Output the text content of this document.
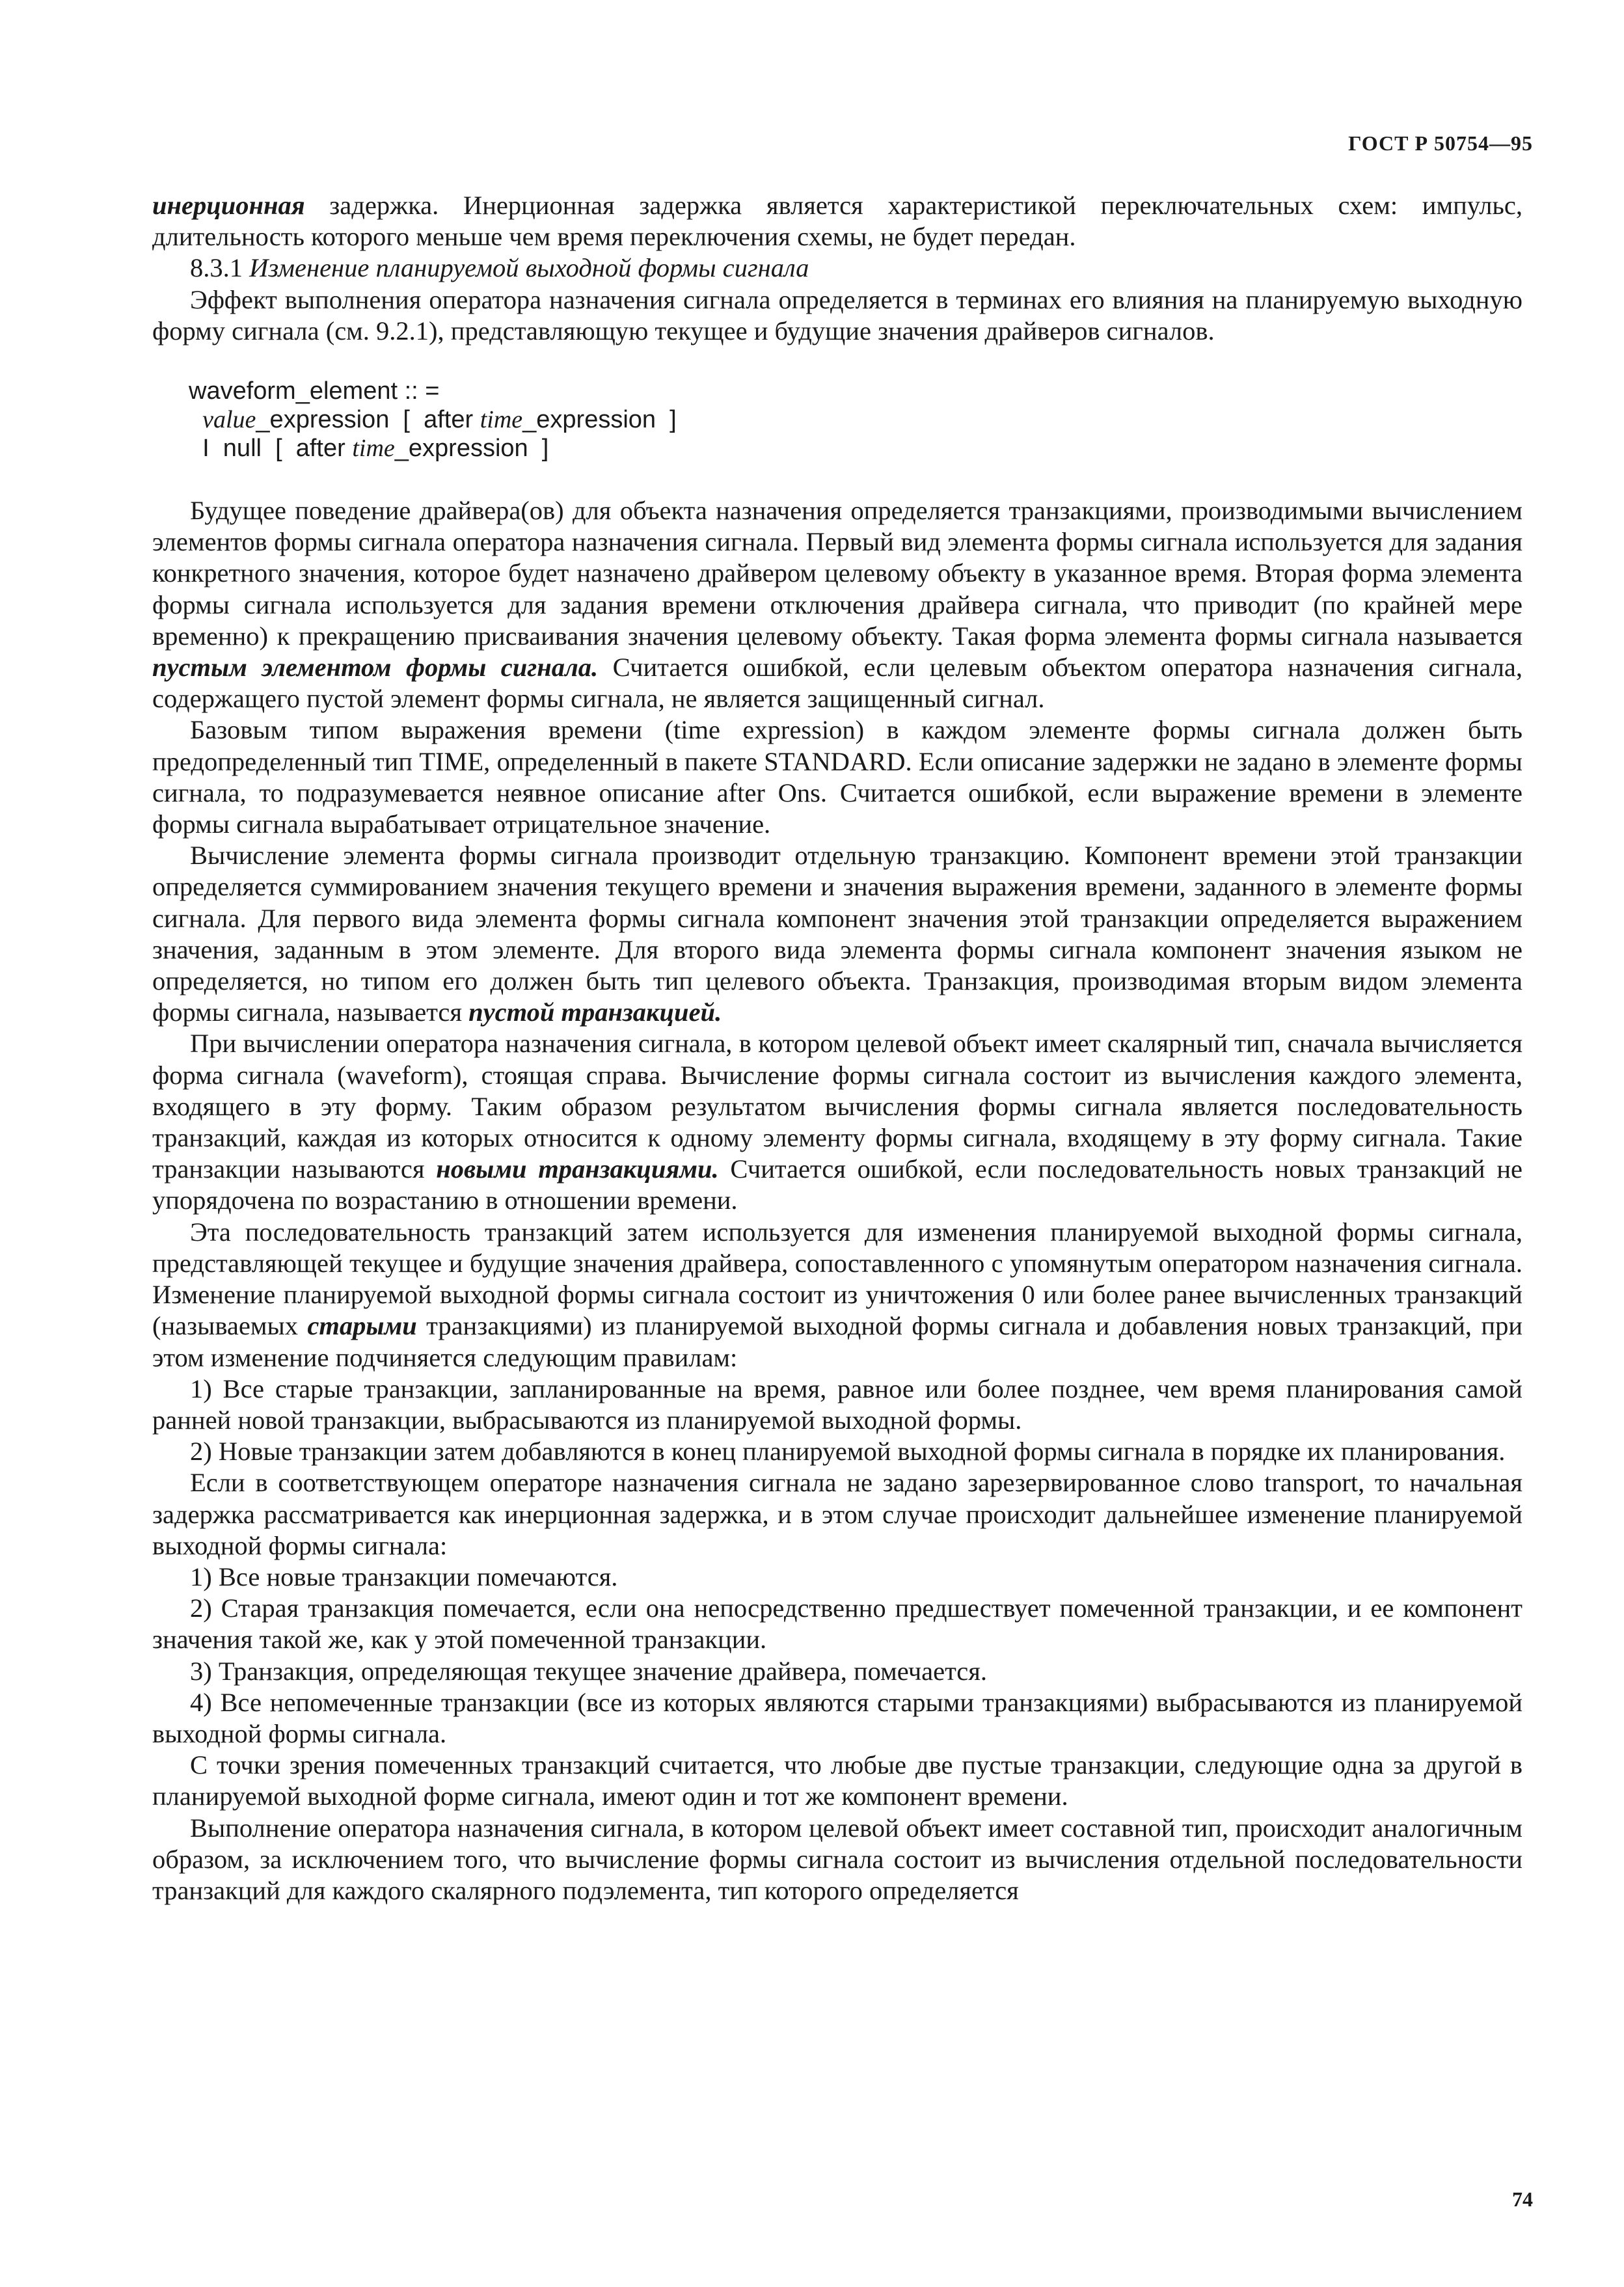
ГОСТ Р 50754—95

инерционная задержка. Инерционная задержка является характеристикой переключательных схем: импульс, длительность которого меньше чем время переключения схемы, не будет передан.

8.3.1 Изменение планируемой выходной формы сигнала

Эффект выполнения оператора назначения сигнала определяется в терминах его влияния на планируемую выходную форму сигнала (см. 9.2.1), представляющую текущее и будущие значения драйверов сигналов.

waveform_element :: =
value_expression  [  after time_expression  ]
I  null  [  after time_expression  ]

Будущее поведение драйвера(ов) для объекта назначения определяется транзакциями, производимыми вычислением элементов формы сигнала оператора назначения сигнала. Первый вид элемента формы сигнала используется для задания конкретного значения, которое будет назначено драйвером целевому объекту в указанное время. Вторая форма элемента формы сигнала используется для задания времени отключения драйвера сигнала, что приводит (по крайней мере временно) к прекращению присваивания значения целевому объекту. Такая форма элемента формы сигнала называется пустым элементом формы сигнала. Считается ошибкой, если целевым объектом оператора назначения сигнала, содержащего пустой элемент формы сигнала, не является защищенный сигнал.

Базовым типом выражения времени (time expression) в каждом элементе формы сигнала должен быть предопределенный тип TIME, определенный в пакете STANDARD. Если описание задержки не задано в элементе формы сигнала, то подразумевается неявное описание after Ons. Считается ошибкой, если выражение времени в элементе формы сигнала вырабатывает отрицательное значение.

Вычисление элемента формы сигнала производит отдельную транзакцию. Компонент времени этой транзакции определяется суммированием значения текущего времени и значения выражения времени, заданного в элементе формы сигнала. Для первого вида элемента формы сигнала компонент значения этой транзакции определяется выражением значения, заданным в этом элементе. Для второго вида элемента формы сигнала компонент значения языком не определяется, но типом его должен быть тип целевого объекта. Транзакция, производимая вторым видом элемента формы сигнала, называется пустой транзакцией.

При вычислении оператора назначения сигнала, в котором целевой объект имеет скалярный тип, сначала вычисляется форма сигнала (waveform), стоящая справа. Вычисление формы сигнала состоит из вычисления каждого элемента, входящего в эту форму. Таким образом результатом вычисления формы сигнала является последовательность транзакций, каждая из которых относится к одному элементу формы сигнала, входящему в эту форму сигнала. Такие транзакции называются новыми транзакциями. Считается ошибкой, если последовательность новых транзакций не упорядочена по возрастанию в отношении времени.

Эта последовательность транзакций затем используется для изменения планируемой выходной формы сигнала, представляющей текущее и будущие значения драйвера, сопоставленного с упомянутым оператором назначения сигнала. Изменение планируемой выходной формы сигнала состоит из уничтожения 0 или более ранее вычисленных транзакций (называемых старыми транзакциями) из планируемой выходной формы сигнала и добавления новых транзакций, при этом изменение подчиняется следующим правилам:

1) Все старые транзакции, запланированные на время, равное или более позднее, чем время планирования самой ранней новой транзакции, выбрасываются из планируемой выходной формы.

2) Новые транзакции затем добавляются в конец планируемой выходной формы сигнала в порядке их планирования.

Если в соответствующем операторе назначения сигнала не задано зарезервированное слово transport, то начальная задержка рассматривается как инерционная задержка, и в этом случае происходит дальнейшее изменение планируемой выходной формы сигнала:

1) Все новые транзакции помечаются.

2) Старая транзакция помечается, если она непосредственно предшествует помеченной транзакции, и ее компонент значения такой же, как у этой помеченной транзакции.

3) Транзакция, определяющая текущее значение драйвера, помечается.

4) Все непомеченные транзакции (все из которых являются старыми транзакциями) выбрасываются из планируемой выходной формы сигнала.

С точки зрения помеченных транзакций считается, что любые две пустые транзакции, следующие одна за другой в планируемой выходной форме сигнала, имеют один и тот же компонент времени.

Выполнение оператора назначения сигнала, в котором целевой объект имеет составной тип, происходит аналогичным образом, за исключением того, что вычисление формы сигнала состоит из вычисления отдельной последовательности транзакций для каждого скалярного подэлемента, тип которого определяется

74
